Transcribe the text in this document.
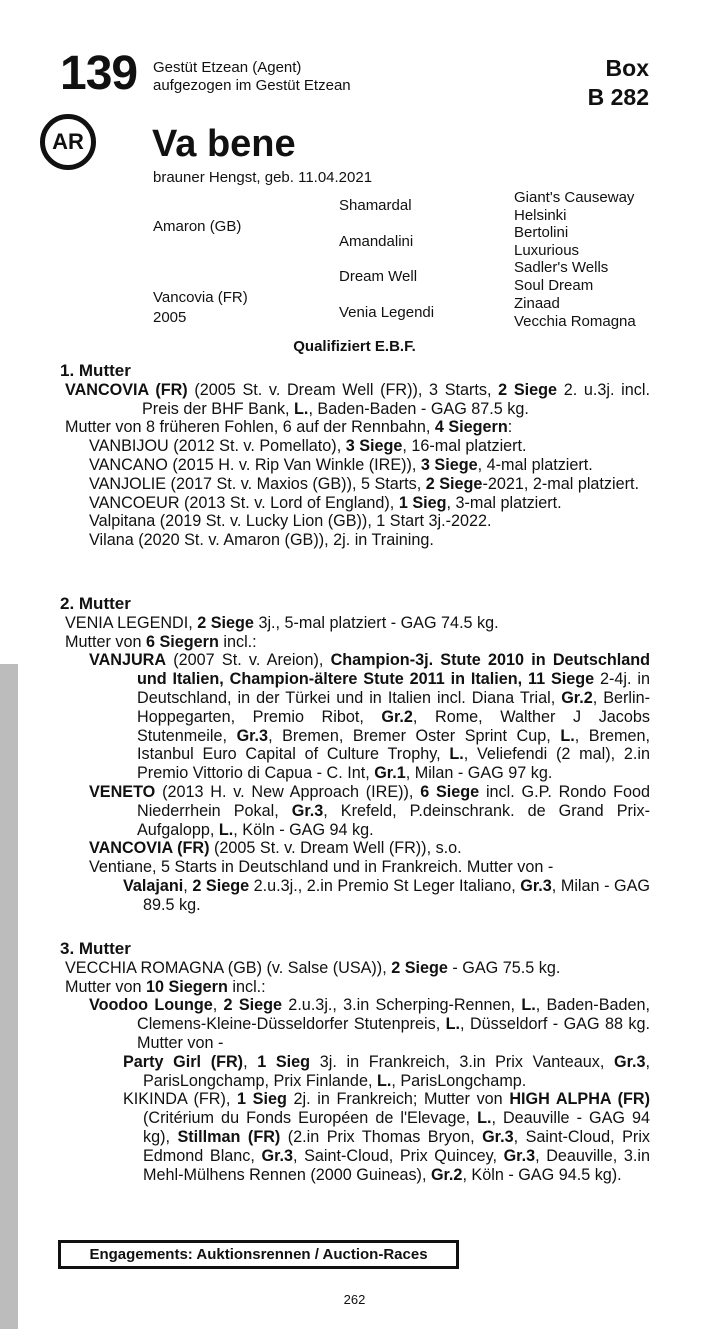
139 Gestüt Etzean (Agent)
aufgezogen im Gestüt Etzean
Box
B 282
AR Va bene
brauner Hengst, geb. 11.04.2021
Amaron (GB)
Vancovia (FR)
2005
Shamardal
Amandalini
Dream Well
Venia Legendi
Giant's Causeway
Helsinki
Bertolini
Luxurious
Sadler's Wells
Soul Dream
Zinaad
Vecchia Romagna
Qualifiziert E.B.F.

1. Mutter

VANCOVIA (FR) (2005 St. v. Dream Well (FR)), 3 Starts, 2 Siege 2. u.3j. incl. Preis der BHF Bank, L., Baden-Baden - GAG 87.5 kg.

Mutter von 8 früheren Fohlen, 6 auf der Rennbahn, 4 Siegern:

VANBIJOU (2012 St. v. Pomellato), 3 Siege, 16-mal platziert.

VANCANO (2015 H. v. Rip Van Winkle (IRE)), 3 Siege, 4-mal platziert.

VANJOLIE (2017 St. v. Maxios (GB)), 5 Starts, 2 Siege-2021, 2-mal platziert.

VANCOEUR (2013 St. v. Lord of England), 1 Sieg, 3-mal platziert.

Valpitana (2019 St. v. Lucky Lion (GB)), 1 Start 3j.-2022.

Vilana (2020 St. v. Amaron (GB)), 2j. in Training.

2. Mutter

VENIA LEGENDI, 2 Siege 3j., 5-mal platziert - GAG 74.5 kg.

Mutter von 6 Siegern incl.:

VANJURA (2007 St. v. Areion), Champion-3j. Stute 2010 in Deutschland und Italien, Champion-ältere Stute 2011 in Italien, 11 Siege 2-4j. in Deutschland, in der Türkei und in Italien incl. Diana Trial, Gr.2, Berlin-Hoppegarten, Premio Ribot, Gr.2, Rome, Walther J Jacobs Stutenmeile, Gr.3, Bremen, Bremer Oster Sprint Cup, L., Bremen, Istanbul Euro Capital of Culture Trophy, L., Veliefendi (2 mal), 2.in Premio Vittorio di Capua - C. Int, Gr.1, Milan - GAG 97 kg.

VENETO (2013 H. v. New Approach (IRE)), 6 Siege incl. G.P. Rondo Food Niederrhein Pokal, Gr.3, Krefeld, P.deinschrank. de Grand Prix-Aufgalopp, L., Köln - GAG 94 kg.

VANCOVIA (FR) (2005 St. v. Dream Well (FR)), s.o.

Ventiane, 5 Starts in Deutschland und in Frankreich. Mutter von -

Valajani, 2 Siege 2.u.3j., 2.in Premio St Leger Italiano, Gr.3, Milan - GAG 89.5 kg.

3. Mutter

VECCHIA ROMAGNA (GB) (v. Salse (USA)), 2 Siege - GAG 75.5 kg.

Mutter von 10 Siegern incl.:

Voodoo Lounge, 2 Siege 2.u.3j., 3.in Scherping-Rennen, L., Baden-Baden, Clemens-Kleine-Düsseldorfer Stutenpreis, L., Düsseldorf - GAG 88 kg. Mutter von -

Party Girl (FR), 1 Sieg 3j. in Frankreich, 3.in Prix Vanteaux, Gr.3, ParisLongchamp, Prix Finlande, L., ParisLongchamp.

KIKINDA (FR), 1 Sieg 2j. in Frankreich; Mutter von HIGH ALPHA (FR) (Critérium du Fonds Européen de l'Elevage, L., Deauville - GAG 94 kg), Stillman (FR) (2.in Prix Thomas Bryon, Gr.3, Saint-Cloud, Prix Edmond Blanc, Gr.3, Saint-Cloud, Prix Quincey, Gr.3, Deauville, 3.in Mehl-Mülhens Rennen (2000 Guineas), Gr.2, Köln - GAG 94.5 kg).

Engagements: Auktionsrennen / Auction-Races
262
